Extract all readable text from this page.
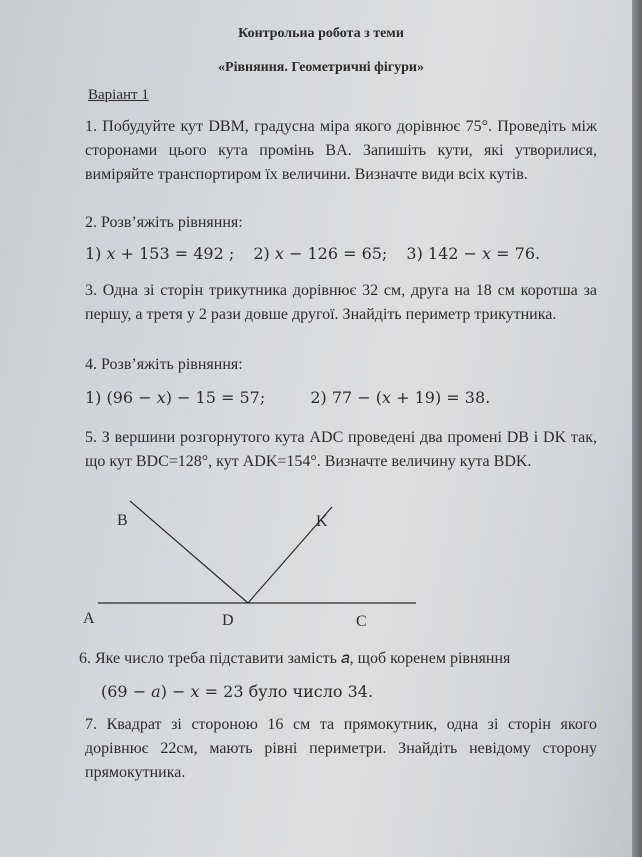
Контрольна робота з теми
«Рівняння. Геометричні фігури»
Варіант 1
1. Побудуйте кут DBM, градусна міра якого дорівнює 75°. Проведіть між сторонами цього кута промінь BA. Запишіть кути, які утворилися, виміряйте транспортиром їх величини. Визначте види всіх кутів.
2. Розв’яжіть рівняння:
1) 𝑥 + 153 = 492 ; 2) 𝑥 − 126 = 65; 3) 142 − 𝑥 = 76.
3. Одна зі сторін трикутника дорівнює 32 см, друга на 18 см коротша за першу, а третя у 2 рази довше другої. Знайдіть периметр трикутника.
4. Розв’яжіть рівняння:
1) (96 − 𝑥) − 15 = 57;	2) 77 − (𝑥 + 19) = 38.
5. З вершини розгорнутого кута ADC проведені два промені DB і DK так, що кут BDC=128°, кут ADK=154°. Визначте величину кута BDK.
B	K
A	D	C
6. Яке число треба підставити замість 𝑎, щоб коренем рівняння
(69 − 𝑎) − 𝑥 = 23 було число 34.
7. Квадрат зі стороною 16 см та прямокутник, одна зі сторін якого дорівнює 22см, мають рівні периметри. Знайдіть невідому сторону прямокутника.
